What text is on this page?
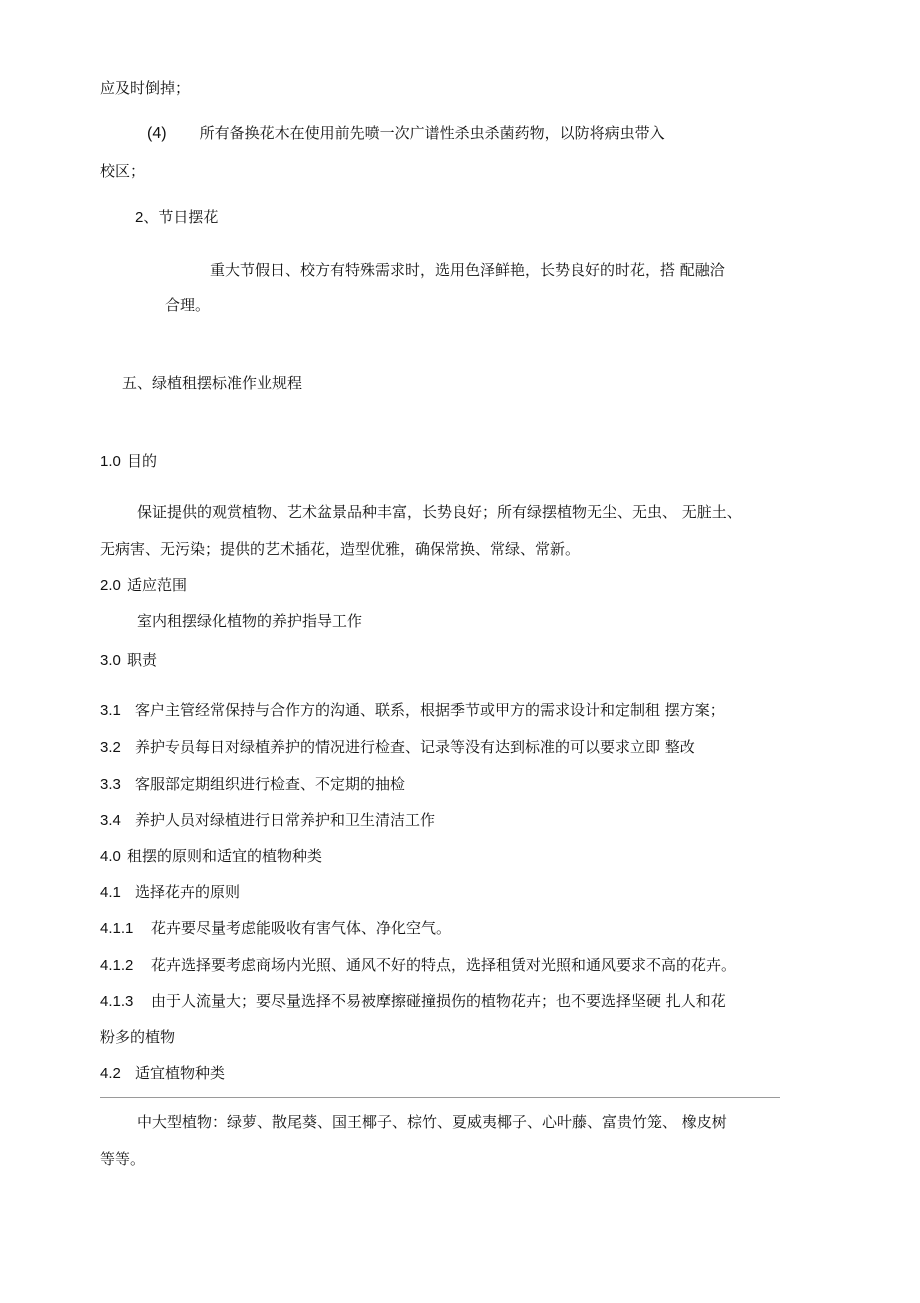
应及时倒掉；
(4) 所有备换花木在使用前先喷一次广谱性杀虫杀菌药物，以防将病虫带入
校区；
2、节日摆花
重大节假日、校方有特殊需求时，选用色泽鲜艳，长势良好的时花，搭 配融洽
合理。
五、绿植租摆标准作业规程
1.0 目的
保证提供的观赏植物、艺术盆景品种丰富，长势良好；所有绿摆植物无尘、无虫、 无脏土、
无病害、无污染；提供的艺术插花，造型优雅，确保常换、常绿、常新。
2.0 适应范围
室内租摆绿化植物的养护指导工作
3.0 职责
3.1 客户主管经常保持与合作方的沟通、联系，根据季节或甲方的需求设计和定制租 摆方案；
3.2 养护专员每日对绿植养护的情况进行检查、记录等没有达到标准的可以要求立即 整改
3.3 客服部定期组织进行检查、不定期的抽检
3.4 养护人员对绿植进行日常养护和卫生清洁工作
4.0 租摆的原则和适宜的植物种类
4.1 选择花卉的原则
4.1.1 花卉要尽量考虑能吸收有害气体、净化空气。
4.1.2 花卉选择要考虑商场内光照、通风不好的特点，选择租赁对光照和通风要求不高的花卉。
4.1.3 由于人流量大；要尽量选择不易被摩擦碰撞损伤的植物花卉；也不要选择坚硬 扎人和花
粉多的植物
4.2 适宜植物种类
中大型植物：绿萝、散尾葵、国王椰子、棕竹、夏威夷椰子、心叶藤、富贵竹笼、 橡皮树
等等。
